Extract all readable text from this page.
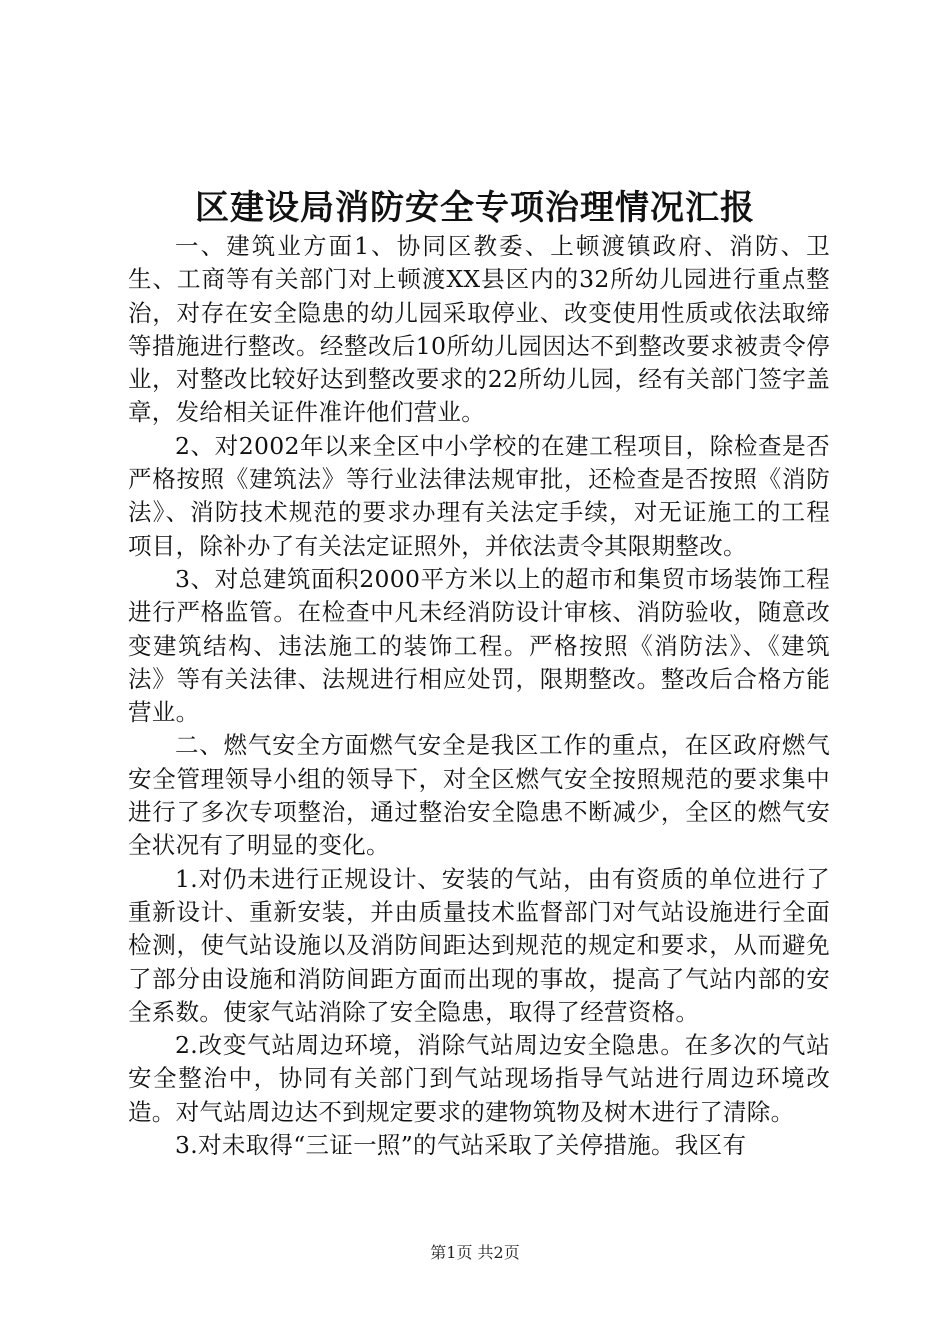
区建设局消防安全专项治理情况汇报

一、建筑业方面1、协同区教委、上顿渡镇政府、消防、卫生、工商等有关部门对上顿渡XX县区内的32所幼儿园进行重点整治，对存在安全隐患的幼儿园采取停业、改变使用性质或依法取缔等措施进行整改。经整改后10所幼儿园因达不到整改要求被责令停业，对整改比较好达到整改要求的22所幼儿园，经有关部门签字盖章，发给相关证件准许他们营业。

2、对2002年以来全区中小学校的在建工程项目，除检查是否严格按照《建筑法》等行业法律法规审批，还检查是否按照《消防法》、消防技术规范的要求办理有关法定手续，对无证施工的工程项目，除补办了有关法定证照外，并依法责令其限期整改。

3、对总建筑面积2000平方米以上的超市和集贸市场装饰工程进行严格监管。在检查中凡未经消防设计审核、消防验收，随意改变建筑结构、违法施工的装饰工程。严格按照《消防法》、《建筑法》等有关法律、法规进行相应处罚，限期整改。整改后合格方能营业。

二、燃气安全方面燃气安全是我区工作的重点，在区政府燃气安全管理领导小组的领导下，对全区燃气安全按照规范的要求集中进行了多次专项整治，通过整治安全隐患不断减少，全区的燃气安全状况有了明显的变化。

1.对仍未进行正规设计、安装的气站，由有资质的单位进行了重新设计、重新安装，并由质量技术监督部门对气站设施进行全面检测，使气站设施以及消防间距达到规范的规定和要求，从而避免了部分由设施和消防间距方面而出现的事故，提高了气站内部的安全系数。使家气站消除了安全隐患，取得了经营资格。

2.改变气站周边环境，消除气站周边安全隐患。在多次的气站安全整治中，协同有关部门到气站现场指导气站进行周边环境改造。对气站周边达不到规定要求的建物筑物及树木进行了清除。

3.对未取得“三证一照”的气站采取了关停措施。我区有

第1页 共2页
